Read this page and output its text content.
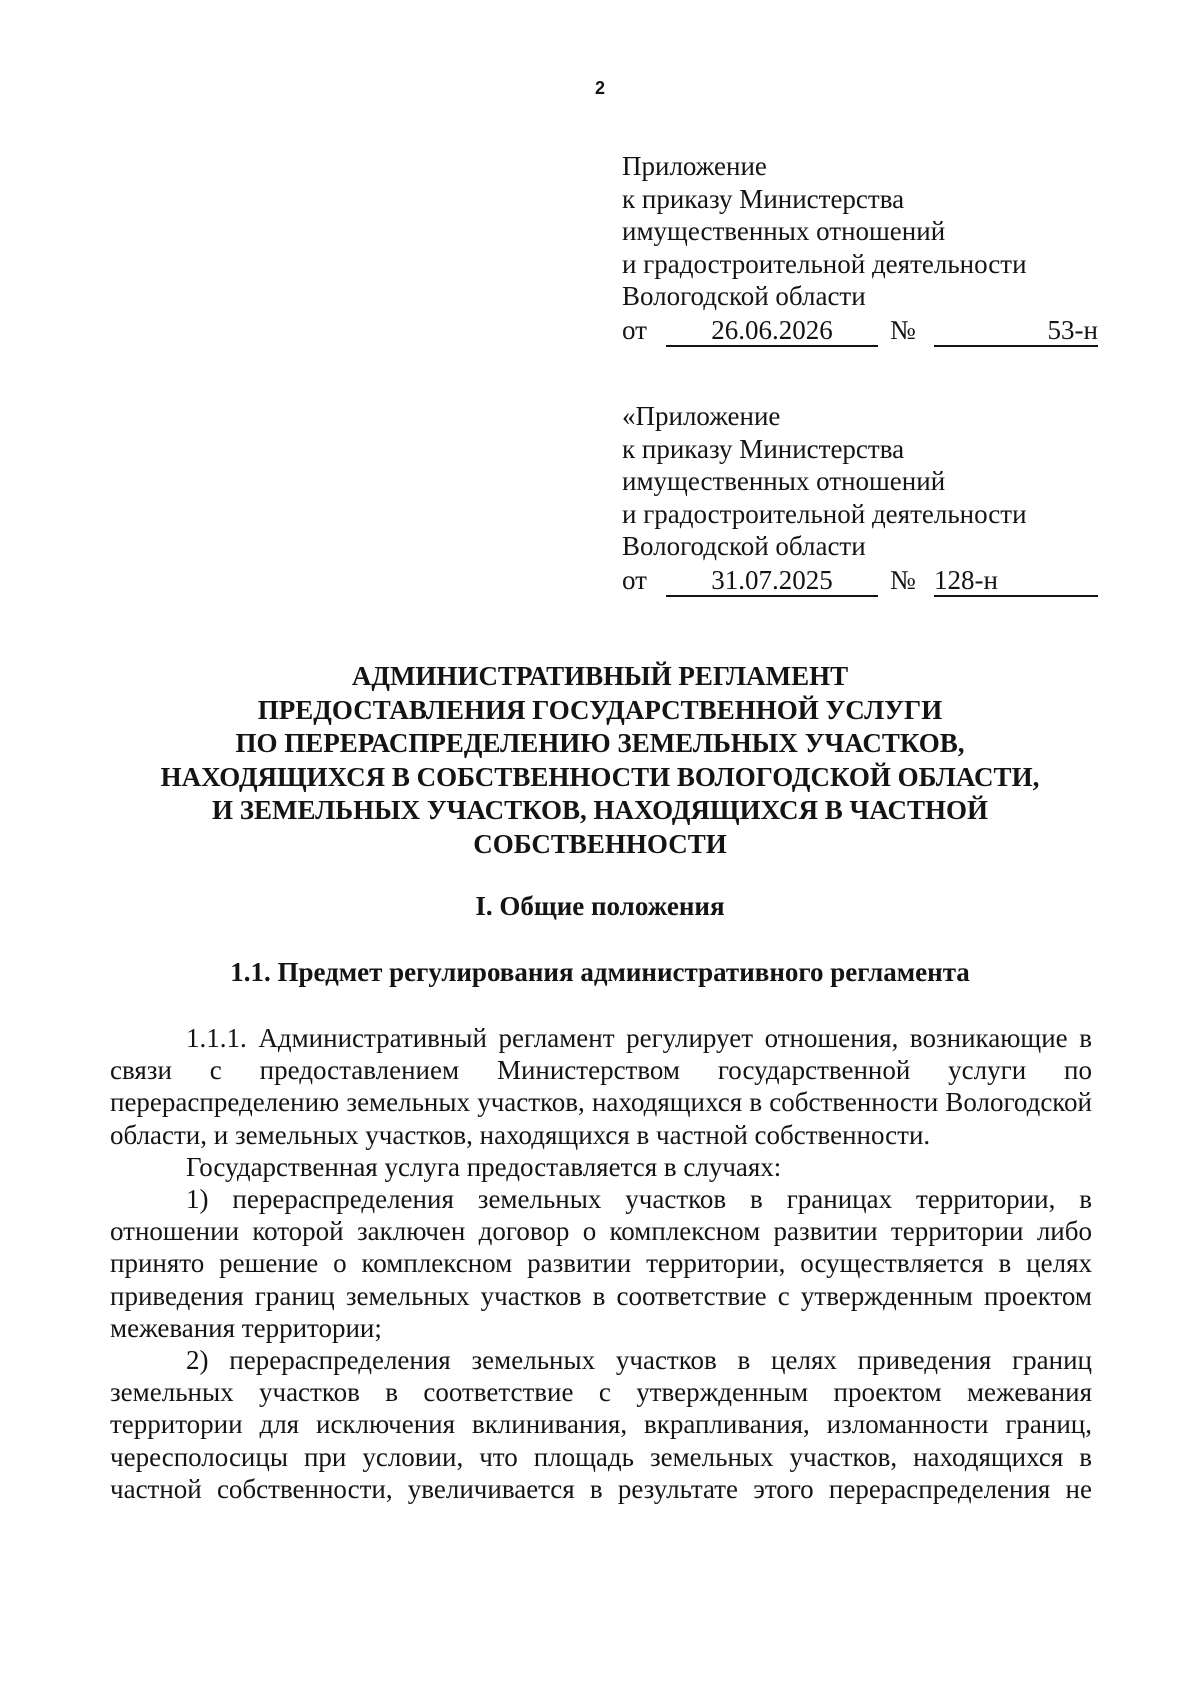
2
Приложение
к приказу Министерства
имущественных отношений
и градостроительной деятельности
Вологодской области
от	26.06.2026	№	53-н
«Приложение
к приказу Министерства
имущественных отношений
и градостроительной деятельности
Вологодской области
от	31.07.2025	№ 128-н
АДМИНИСТРАТИВНЫЙ РЕГЛАМЕНТ
ПРЕДОСТАВЛЕНИЯ ГОСУДАРСТВЕННОЙ УСЛУГИ
ПО ПЕРЕРАСПРЕДЕЛЕНИЮ ЗЕМЕЛЬНЫХ УЧАСТКОВ,
НАХОДЯЩИХСЯ В СОБСТВЕННОСТИ ВОЛОГОДСКОЙ ОБЛАСТИ,
И ЗЕМЕЛЬНЫХ УЧАСТКОВ, НАХОДЯЩИХСЯ В ЧАСТНОЙ
СОБСТВЕННОСТИ
I. Общие положения
1.1. Предмет регулирования административного регламента

1.1.1. Административный регламент регулирует отношения, возникающие в связи с предоставлением Министерством государственной услуги по перераспределению земельных участков, находящихся в собственности Вологодской области, и земельных участков, находящихся в частной собственности.

Государственная услуга предоставляется в случаях:

1) перераспределения земельных участков в границах территории, в отношении которой заключен договор о комплексном развитии территории либо принято решение о комплексном развитии территории, осуществляется в целях приведения границ земельных участков в соответствие с утвержденным проектом межевания территории;

2) перераспределения земельных участков в целях приведения границ земельных участков в соответствие с утвержденным проектом межевания территории для исключения вклинивания, вкрапливания, изломанности границ, чересполосицы при условии, что площадь земельных участков, находящихся в частной собственности, увеличивается в результате этого перераспределения не
